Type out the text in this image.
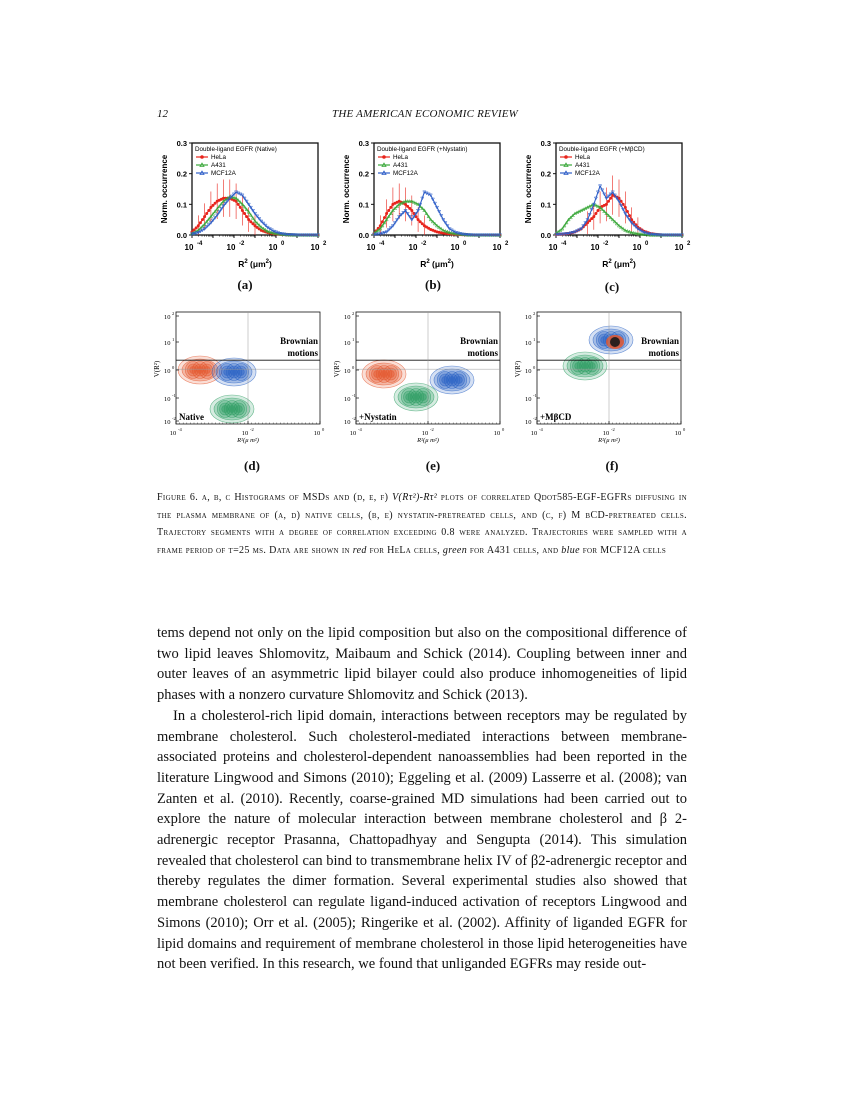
12	THE AMERICAN ECONOMIC REVIEW
0.0
0.1
0.2
0.3
10 -4	10 -2	10 0	10 2
Norm. occurrence
$R^2$ $(\mu m^2)$
Double-ligand EGFR (Native)
HeLa
A431
MCF12A
0.0
0.1
0.2
0.3
10 -4	10 -2	10 0	10 2
Norm. occurrence
$R^2$ $(\mu m^2)$
Double-ligand EGFR (+Nystatin)
HeLa
A431
MCF12A
0.0
0.1
0.2
0.3
10 -4	10 -2	10 0	10 2
Norm. occurrence
$R^2$ $(\mu m^2)$
Double-ligand EGFR (+MβCD)
HeLa
A431
MCF12A
(a)	(b)	(c)
Brownian
motions
Native
10
2
10
1
10
0
10
-1
10
-2
10
-4
10
-2
10
0
R²(μ m²)
V(R²)
Brownian
motions
+Nystatin
10
2
10
1
10
0
10
-1
10
-2
10
-4
10
-2
10
0
R²(μ m²)
V(R²)
Brownian
motions
+MβCD
10
2
10
1
10
0
10
-1
10
-2
10
-4
10
-2
10
0
R²(μ m²)
V(R²)
(d)	(e)	(f)
Figure 6. a, b, c Histograms of MSDs and (d, e, f) V(Rτ²)-Rτ² plots of correlated Qdot585-EGF-EGFRs diffusing in the plasma membrane of (a, d) native cells, (b, e) nystatin-pretreated cells, and (c, f) M βCD-pretreated cells. Trajectory segments with a degree of correlation exceeding 0.8 were analyzed. Trajectories were sampled with a frame period of τ=25 ms. Data are shown in red for HeLa cells, green for A431 cells, and blue for MCF12A cells

tems depend not only on the lipid composition but also on the compositional difference of two lipid leaves Shlomovitz, Maibaum and Schick (2014). Coupling between inner and outer leaves of an asymmetric lipid bilayer could also produce inhomogeneities of lipid phases with a nonzero curvature Shlomovitz and Schick (2013).

In a cholesterol-rich lipid domain, interactions between receptors may be regulated by membrane cholesterol. Such cholesterol-mediated interactions between membrane-associated proteins and cholesterol-dependent nanoassemblies had been reported in the literature Lingwood and Simons (2010); Eggeling et al. (2009) Lasserre et al. (2008); van Zanten et al. (2010). Recently, coarse-grained MD simulations had been carried out to explore the nature of molecular interaction between membrane cholesterol and β 2-adrenergic receptor Prasanna, Chattopadhyay and Sengupta (2014). This simulation revealed that cholesterol can bind to transmembrane helix IV of β2-adrenergic receptor and thereby regulates the dimer formation. Several experimental studies also showed that membrane cholesterol can regulate ligand-induced activation of receptors Lingwood and Simons (2010); Orr et al. (2005); Ringerike et al. (2002). Affinity of liganded EGFR for lipid domains and requirement of membrane cholesterol in those lipid heterogeneities have not been verified. In this research, we found that unliganded EGFRs may reside out-
